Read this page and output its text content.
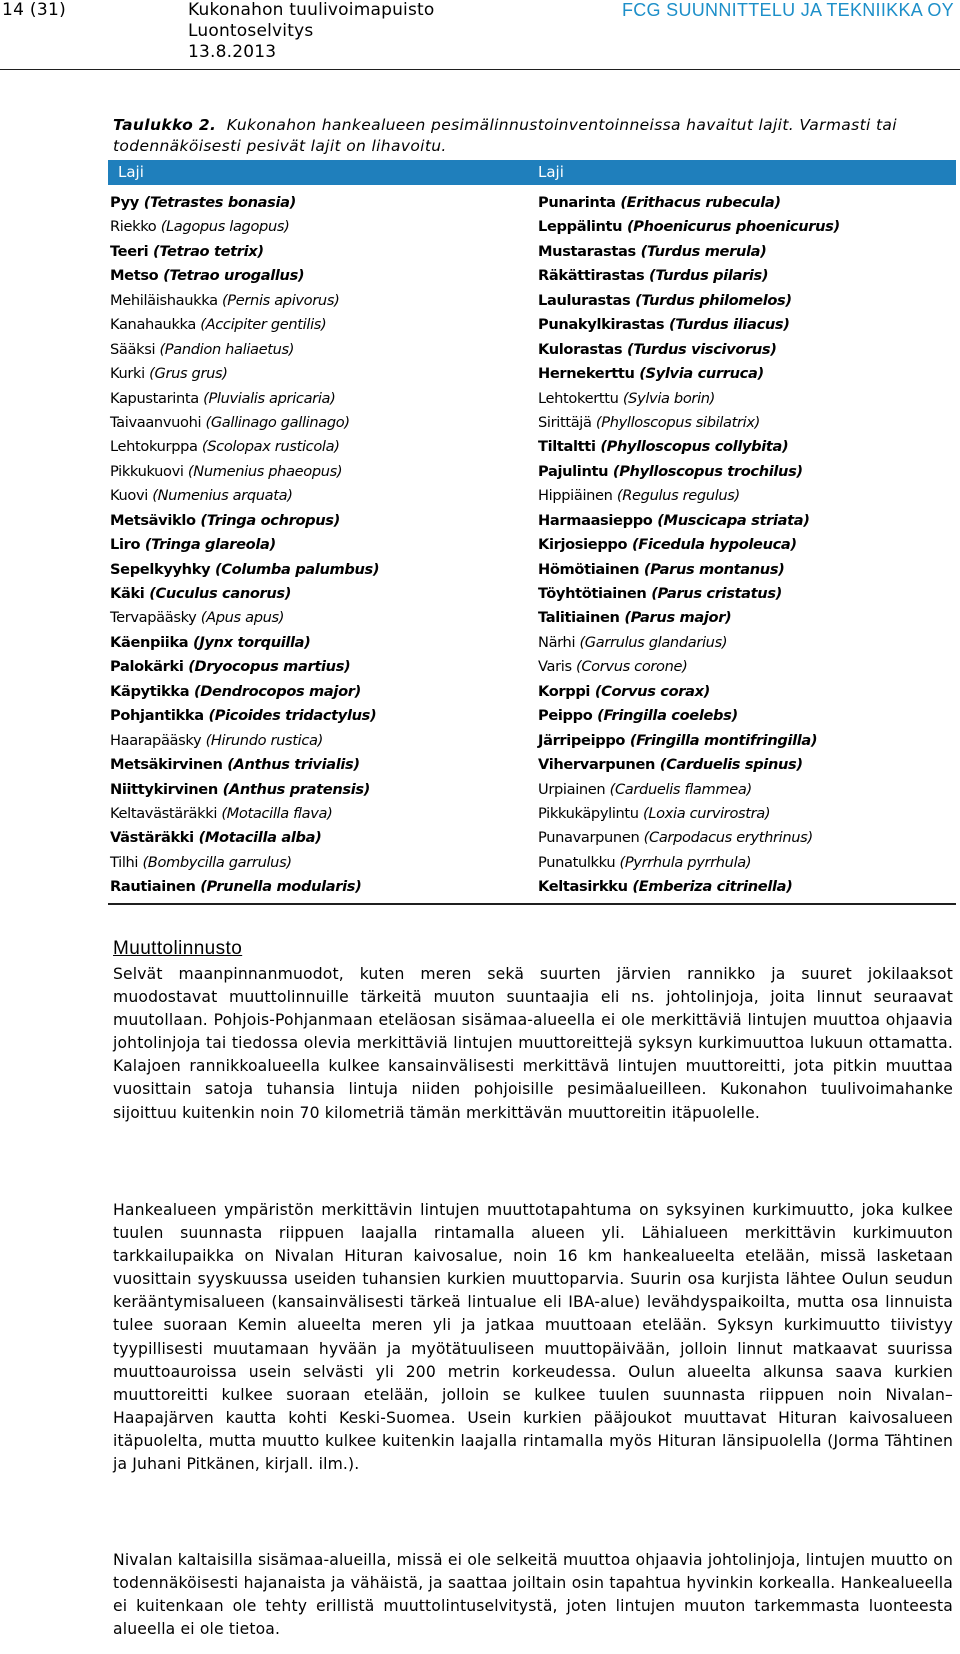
14 (31)	Kukonahon tuulivoimapuisto
Luontoselvitys
13.8.2013
FCG SUUNNITTELU JA TEKNIIKKA OY
Taulukko 2. Kukonahon hankealueen pesimälinnustoinventoinneissa havaitut lajit. Varmasti tai todennäköisesti pesivät lajit on lihavoitu.
Laji	Laji
Pyy (Tetrastes bonasia)	Punarinta (Erithacus rubecula)
Riekko (Lagopus lagopus)	Leppälintu (Phoenicurus phoenicurus)
Teeri (Tetrao tetrix)	Mustarastas (Turdus merula)
Metso (Tetrao urogallus)	Räkättirastas (Turdus pilaris)
Mehiläishaukka (Pernis apivorus)	Laulurastas (Turdus philomelos)
Kanahaukka (Accipiter gentilis)	Punakylkirastas (Turdus iliacus)
Sääksi (Pandion haliaetus)	Kulorastas (Turdus viscivorus)
Kurki (Grus grus)	Hernekerttu (Sylvia curruca)
Kapustarinta (Pluvialis apricaria)	Lehtokerttu (Sylvia borin)
Taivaanvuohi (Gallinago gallinago)	Sirittäjä (Phylloscopus sibilatrix)
Lehtokurppa (Scolopax rusticola)	Tiltaltti (Phylloscopus collybita)
Pikkukuovi (Numenius phaeopus)	Pajulintu (Phylloscopus trochilus)
Kuovi (Numenius arquata)	Hippiäinen (Regulus regulus)
Metsäviklo (Tringa ochropus)	Harmaasieppo (Muscicapa striata)
Liro (Tringa glareola)	Kirjosieppo (Ficedula hypoleuca)
Sepelkyyhky (Columba palumbus)	Hömötiainen (Parus montanus)
Käki (Cuculus canorus)	Töyhtötiainen (Parus cristatus)
Tervapääsky (Apus apus)	Talitiainen (Parus major)
Käenpiika (Jynx torquilla)	Närhi (Garrulus glandarius)
Palokärki (Dryocopus martius)	Varis (Corvus corone)
Käpytikka (Dendrocopos major)	Korppi (Corvus corax)
Pohjantikka (Picoides tridactylus)	Peippo (Fringilla coelebs)
Haarapääsky (Hirundo rustica)	Järripeippo (Fringilla montifringilla)
Metsäkirvinen (Anthus trivialis)	Vihervarpunen (Carduelis spinus)
Niittykirvinen (Anthus pratensis)	Urpiainen (Carduelis flammea)
Keltavästäräkki (Motacilla flava)	Pikkukäpylintu (Loxia curvirostra)
Västäräkki (Motacilla alba)	Punavarpunen (Carpodacus erythrinus)
Tilhi (Bombycilla garrulus)	Punatulkku (Pyrrhula pyrrhula)
Rautiainen (Prunella modularis)	Keltasirkku (Emberiza citrinella)
Muuttolinnusto
Selvät maanpinnanmuodot, kuten meren sekä suurten järvien rannikko ja suuret jokilaaksot muodostavat muuttolinnuille tärkeitä muuton suuntaajia eli ns. johtolinjoja, joita linnut seuraavat muutollaan. Pohjois-Pohjanmaan eteläosan sisämaa-alueella ei ole merkittäviä lintujen muuttoa ohjaavia johtolinjoja tai tiedossa olevia merkittäviä lintujen muuttoreittejä syksyn kurkimuuttoa lukuun ottamatta. Kalajoen rannikkoalueella kulkee kansainvälisesti merkittävä lintujen muuttoreitti, jota pitkin muuttaa vuosittain satoja tuhansia lintuja niiden pohjoisille pesimäalueilleen. Kukonahon tuulivoimahanke sijoittuu kuitenkin noin 70 kilometriä tämän merkittävän muuttoreitin itäpuolelle.
Hankealueen ympäristön merkittävin lintujen muuttotapahtuma on syksyinen kurkimuutto, joka kulkee tuulen suunnasta riippuen laajalla rintamalla alueen yli. Lähialueen merkittävin kurkimuuton tarkkailupaikka on Nivalan Hituran kaivosalue, noin 16 km hankealueelta etelään, missä lasketaan vuosittain syyskuussa useiden tuhansien kurkien muuttoparvia. Suurin osa kurjista lähtee Oulun seudun kerääntymisalueen (kansainvälisesti tärkeä lintualue eli IBA-alue) levähdyspaikoilta, mutta osa linnuista tulee suoraan Kemin alueelta meren yli ja jatkaa muuttoaan etelään. Syksyn kurkimuutto tiivistyy tyypillisesti muutamaan hyvään ja myötätuuliseen muuttopäivään, jolloin linnut matkaavat suurissa muuttoauroissa usein selvästi yli 200 metrin korkeudessa. Oulun alueelta alkunsa saava kurkien muuttoreitti kulkee suoraan etelään, jolloin se kulkee tuulen suunnasta riippuen noin Nivalan–Haapajärven kautta kohti Keski-Suomea. Usein kurkien pääjoukot muuttavat Hituran kaivosalueen itäpuolelta, mutta muutto kulkee kuitenkin laajalla rintamalla myös Hituran länsipuolella (Jorma Tähtinen ja Juhani Pitkänen, kirjall. ilm.).
Nivalan kaltaisilla sisämaa-alueilla, missä ei ole selkeitä muuttoa ohjaavia johtolinjoja, lintujen muutto on todennäköisesti hajanaista ja vähäistä, ja saattaa joiltain osin tapahtua hyvinkin korkealla. Hankealueella ei kuitenkaan ole tehty erillistä muuttolintuselvitystä, joten lintujen muuton tarkemmasta luonteesta alueella ei ole tietoa.
